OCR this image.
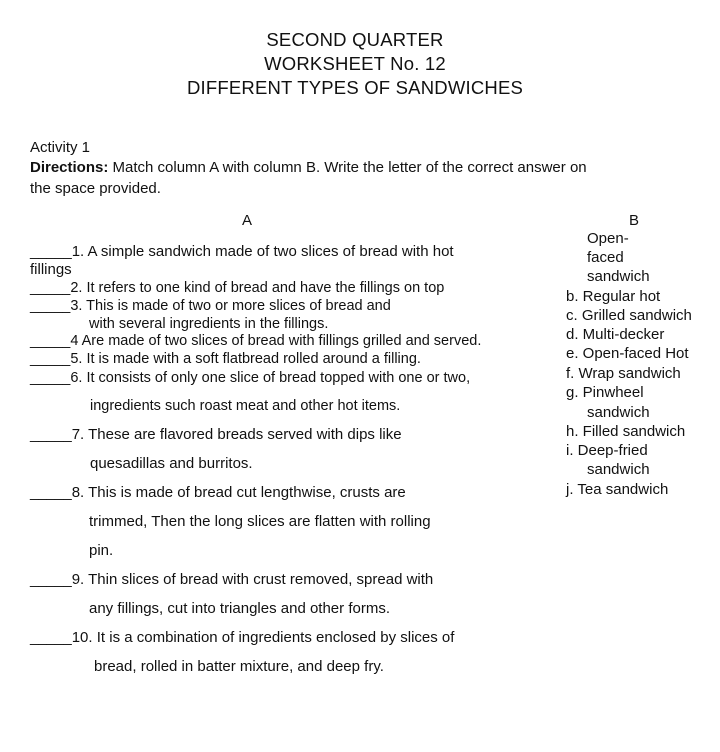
SECOND QUARTER
WORKSHEET No. 12
DIFFERENT TYPES OF SANDWICHES
Activity 1
Directions: Match column A with column B. Write the letter of the correct answer on
the space provided.
A	B
_____1. A simple sandwich made of two slices of bread with hot
fillings
_____2. It refers to one kind of bread and have the fillings on top
_____3. This is made of two or more slices of bread and
with several ingredients in the fillings.
_____4 Are made of two slices of bread with fillings grilled and served.
_____5. It is made with a soft flatbread rolled around a filling.
_____6. It consists of only one slice of bread topped with one or two,
ingredients such roast meat and other hot items.
_____7. These are flavored breads served with dips like
quesadillas and burritos.
_____8. This is made of bread cut lengthwise, crusts are
trimmed, Then the long slices are flatten with rolling
pin.
_____9. Thin slices of bread with crust removed, spread with
any fillings, cut into triangles and other forms.
_____10. It is a combination of ingredients enclosed by slices of
bread, rolled in batter mixture, and deep fry.
Open-
faced
sandwich
b. Regular hot
c. Grilled sandwich
d. Multi-decker
e. Open-faced Hot
f. Wrap sandwich
g. Pinwheel
sandwich
h. Filled sandwich
i. Deep-fried
sandwich
j. Tea sandwich
